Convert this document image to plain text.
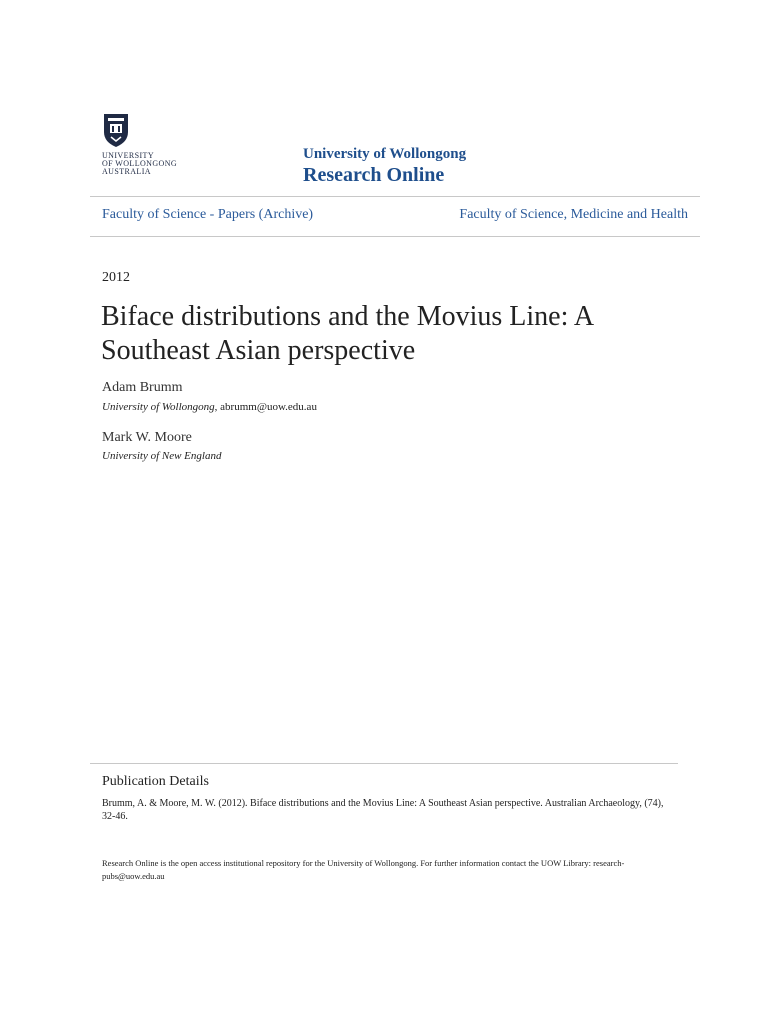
UNIVERSITY
OF WOLLONGONG
AUSTRALIA
University of Wollongong
Research Online
Faculty of Science - Papers (Archive)	Faculty of Science, Medicine and Health
2012
Biface distributions and the Movius Line: A Southeast Asian perspective
Adam Brumm
University of Wollongong, abrumm@uow.edu.au
Mark W. Moore
University of New England
Publication Details
Brumm, A. & Moore, M. W. (2012). Biface distributions and the Movius Line: A Southeast Asian perspective. Australian Archaeology, (74), 32-46.
Research Online is the open access institutional repository for the University of Wollongong. For further information contact the UOW Library: research-pubs@uow.edu.au
